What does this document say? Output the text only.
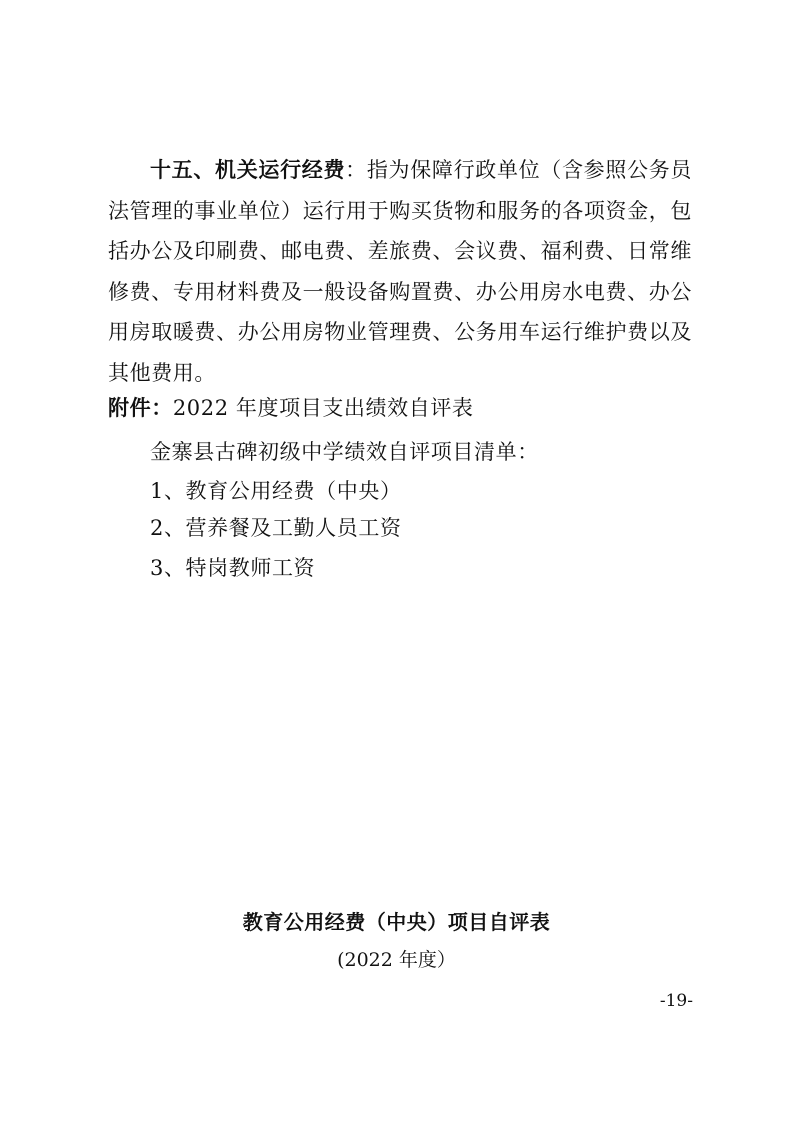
十五、机关运行经费：指为保障行政单位（含参照公务员法管理的事业单位）运行用于购买货物和服务的各项资金，包括办公及印刷费、邮电费、差旅费、会议费、福利费、日常维修费、专用材料费及一般设备购置费、办公用房水电费、办公用房取暖费、办公用房物业管理费、公务用车运行维护费以及其他费用。

附件：2022 年度项目支出绩效自评表
金寨县古碑初级中学绩效自评项目清单：
1、教育公用经费（中央）
2、营养餐及工勤人员工资
3、特岗教师工资
教育公用经费（中央）项目自评表
(2022 年度）
-19-
